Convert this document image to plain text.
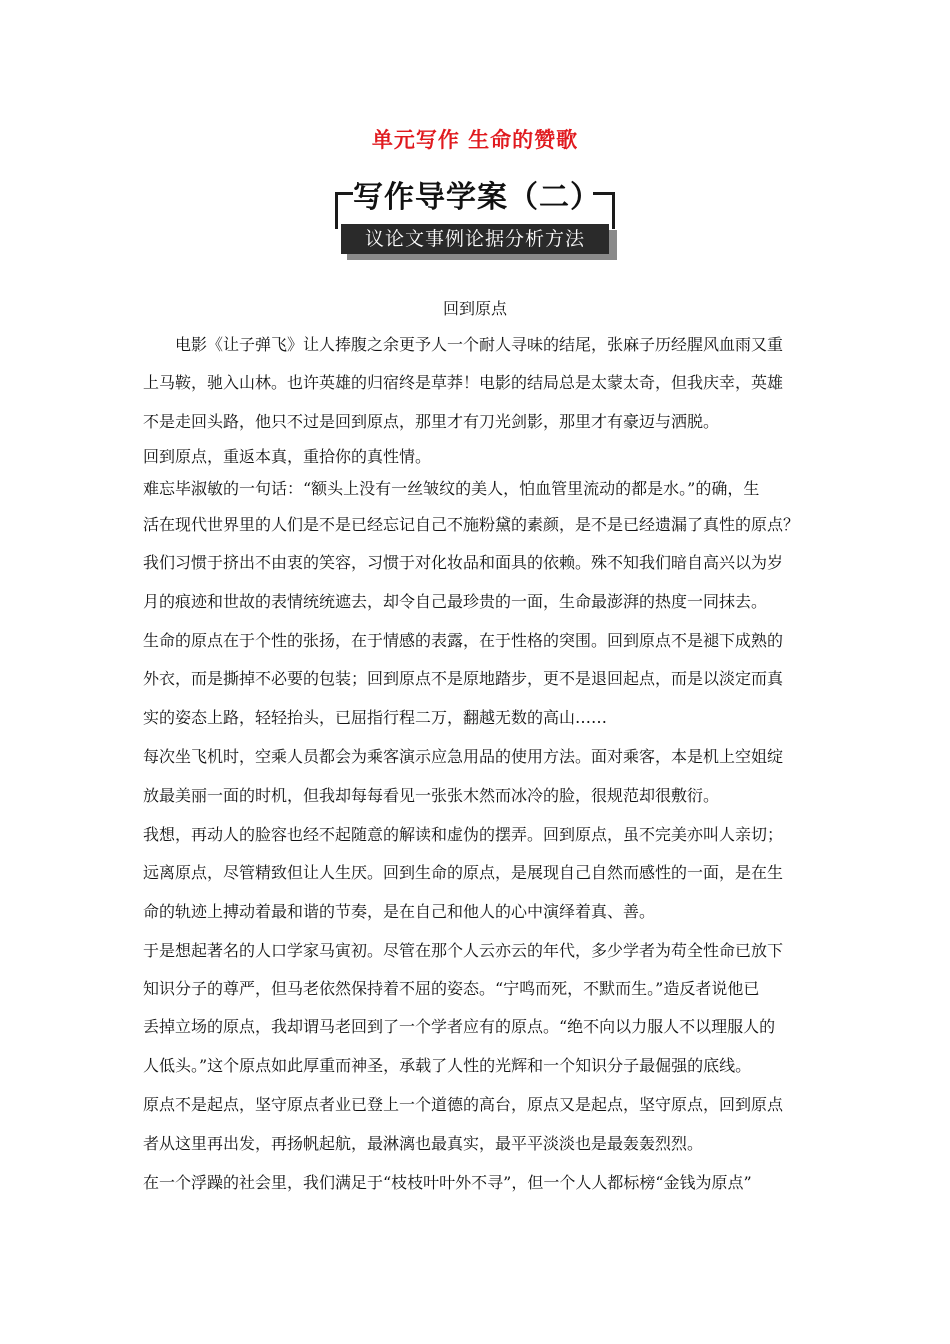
单元写作 生命的赞歌
写作导学案（二）
议论文事例论据分析方法
回到原点

电影《让子弹飞》让人捧腹之余更予人一个耐人寻味的结尾，张麻子历经腥风血雨又重

上马鞍，驰入山林。也许英雄的归宿终是草莽！电影的结局总是太蒙太奇，但我庆幸，英雄

不是走回头路，他只不过是回到原点，那里才有刀光剑影，那里才有豪迈与洒脱。

回到原点，重返本真，重拾你的真性情。

难忘毕淑敏的一句话：“额头上没有一丝皱纹的美人，怕血管里流动的都是水。”的确，生

活在现代世界里的人们是不是已经忘记自己不施粉黛的素颜，是不是已经遗漏了真性的原点？

我们习惯于挤出不由衷的笑容，习惯于对化妆品和面具的依赖。殊不知我们暗自高兴以为岁

月的痕迹和世故的表情统统遮去，却令自己最珍贵的一面，生命最澎湃的热度一同抹去。

生命的原点在于个性的张扬，在于情感的表露，在于性格的突围。回到原点不是褪下成熟的

外衣，而是撕掉不必要的包装；回到原点不是原地踏步，更不是退回起点，而是以淡定而真

实的姿态上路，轻轻抬头，已屈指行程二万，翻越无数的高山……

每次坐飞机时，空乘人员都会为乘客演示应急用品的使用方法。面对乘客，本是机上空姐绽

放最美丽一面的时机，但我却每每看见一张张木然而冰冷的脸，很规范却很敷衍。

我想，再动人的脸容也经不起随意的解读和虚伪的摆弄。回到原点，虽不完美亦叫人亲切；

远离原点，尽管精致但让人生厌。回到生命的原点，是展现自己自然而感性的一面，是在生

命的轨迹上搏动着最和谐的节奏，是在自己和他人的心中演绎着真、善。

于是想起著名的人口学家马寅初。尽管在那个人云亦云的年代，多少学者为苟全性命已放下

知识分子的尊严，但马老依然保持着不屈的姿态。“宁鸣而死，不默而生。”造反者说他已

丢掉立场的原点，我却谓马老回到了一个学者应有的原点。“绝不向以力服人不以理服人的

人低头。”这个原点如此厚重而神圣，承载了人性的光辉和一个知识分子最倔强的底线。

原点不是起点，坚守原点者业已登上一个道德的高台，原点又是起点，坚守原点，回到原点

者从这里再出发，再扬帆起航，最淋漓也最真实，最平平淡淡也是最轰轰烈烈。

在一个浮躁的社会里，我们满足于“枝枝叶叶外不寻”，但一个人人都标榜“金钱为原点”
